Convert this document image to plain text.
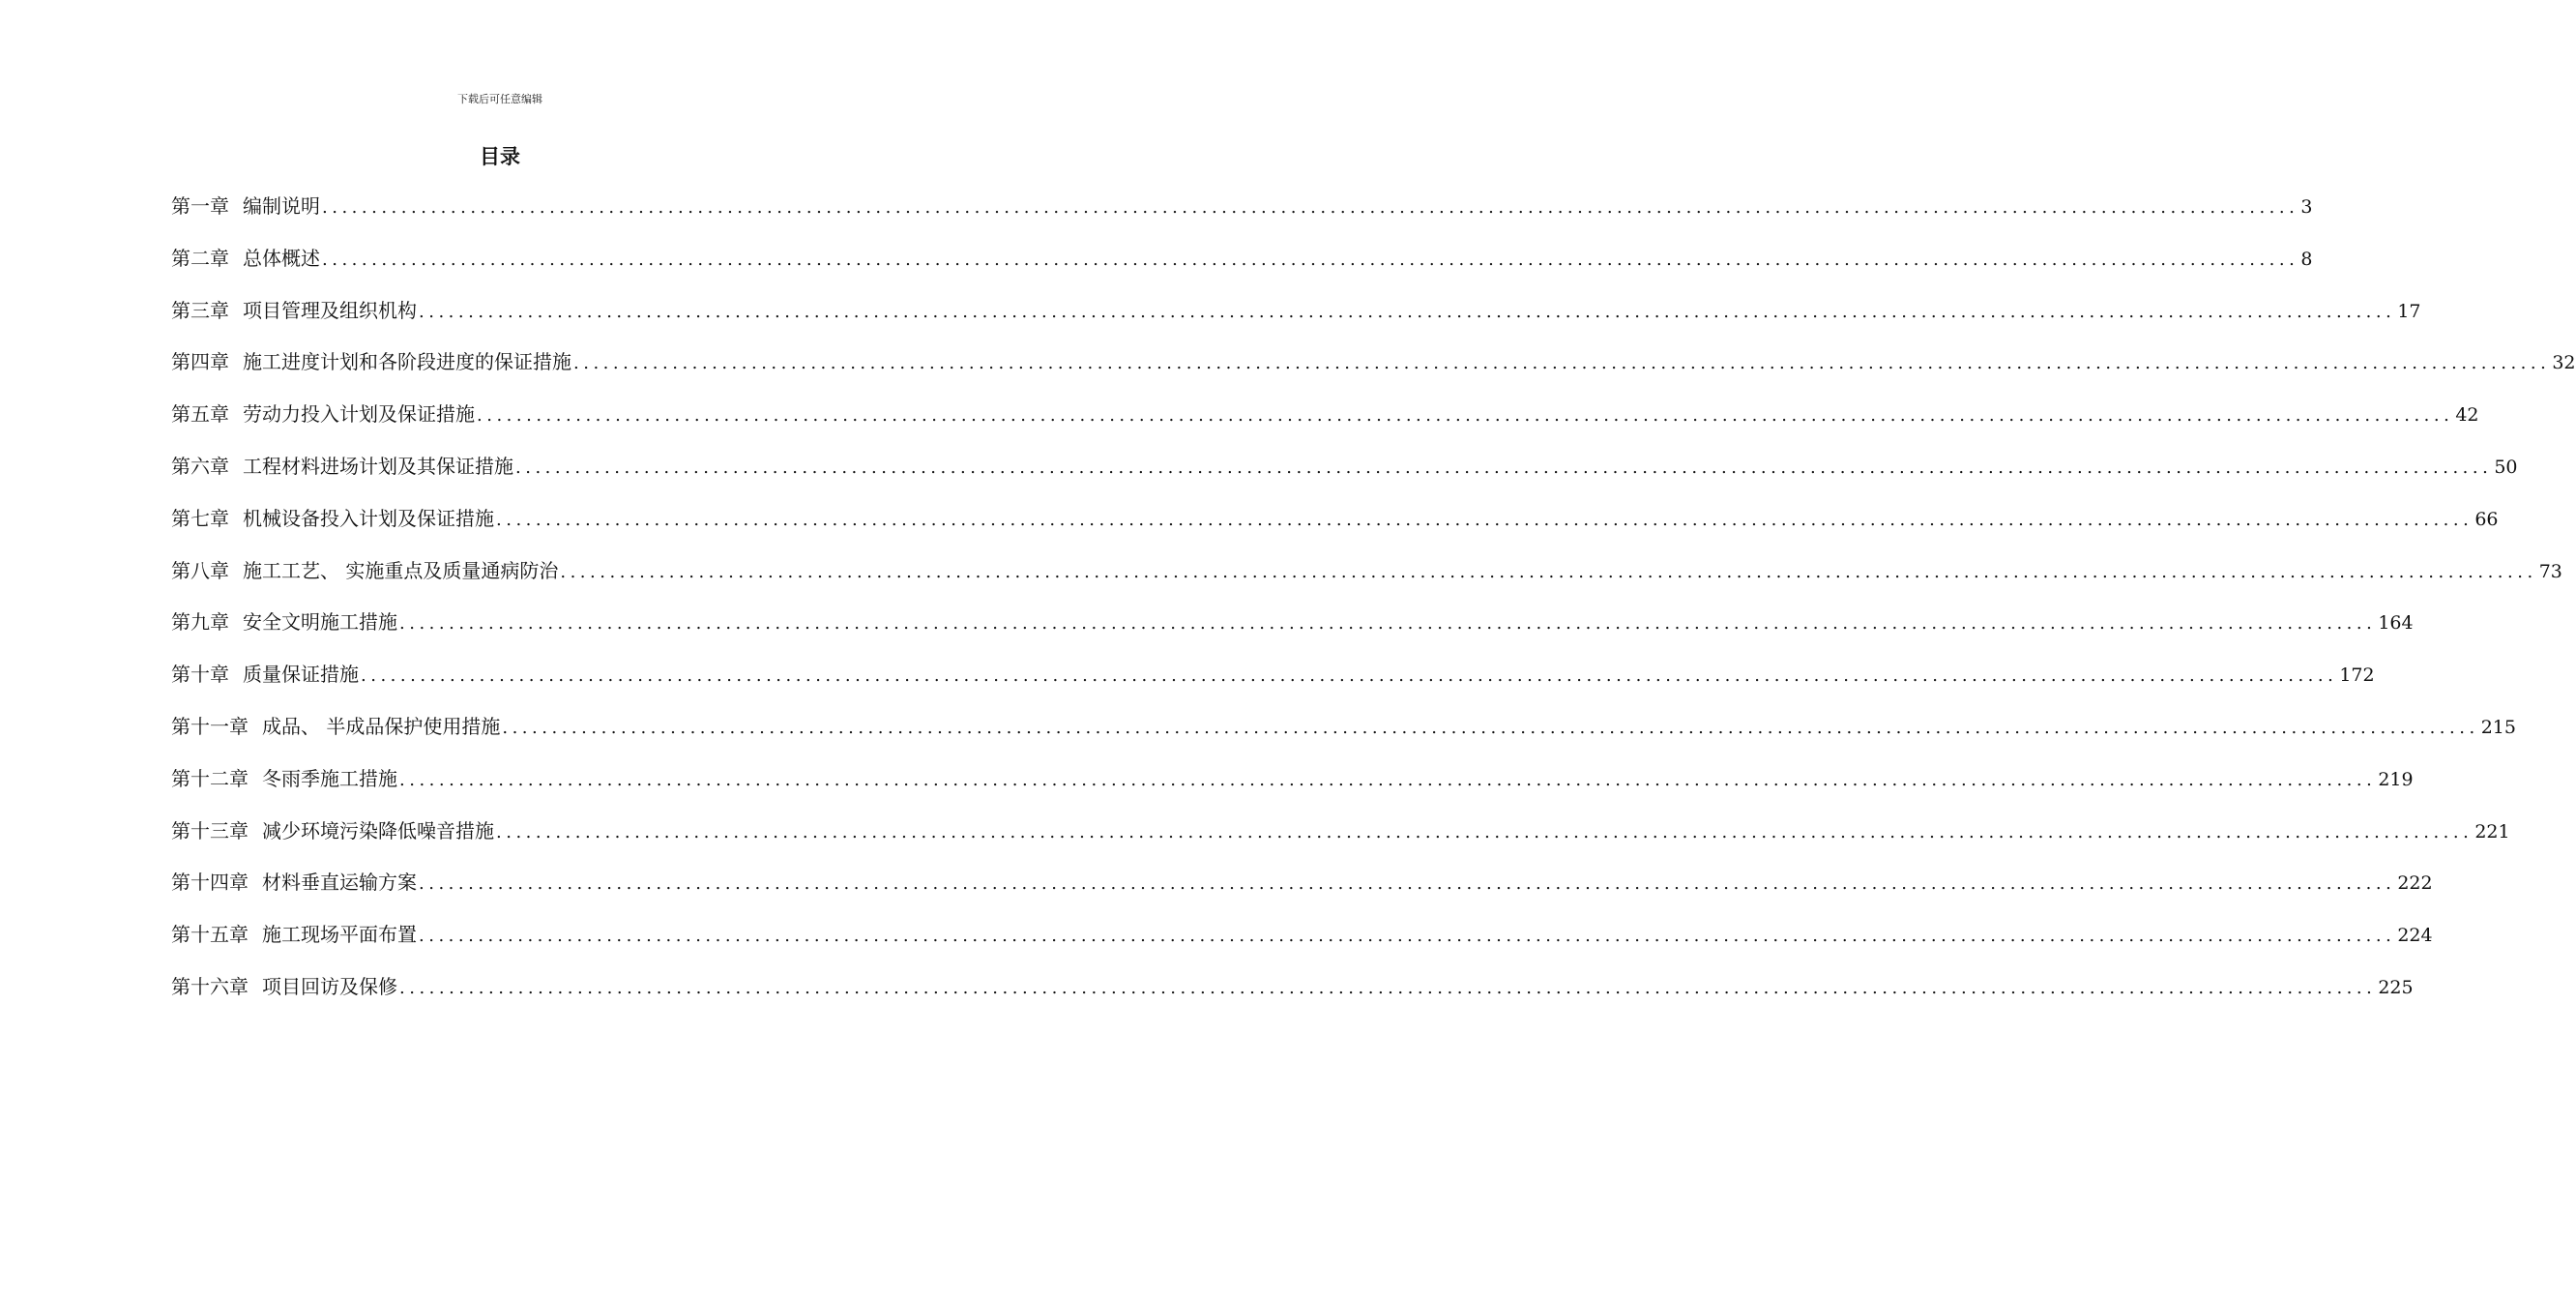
下载后可任意编辑
目录
第一章 编制说明 ........................................................................................................................................................................................................ 3
第二章 总体概述 ........................................................................................................................................................................................................ 8
第三章 项目管理及组织机构 ........................................................................................................................................................................................................ 17
第四章 施工进度计划和各阶段进度的保证措施 ........................................................................................................................................................................................................ 32
第五章 劳动力投入计划及保证措施 ........................................................................................................................................................................................................ 42
第六章 工程材料进场计划及其保证措施 ........................................................................................................................................................................................................ 50
第七章 机械设备投入计划及保证措施 ........................................................................................................................................................................................................ 66
第八章 施工工艺、 实施重点及质量通病防治 ........................................................................................................................................................................................................ 73
第九章 安全文明施工措施 ........................................................................................................................................................................................................ 164
第十章 质量保证措施 ........................................................................................................................................................................................................ 172
第十一章 成品、 半成品保护使用措施 ........................................................................................................................................................................................................ 215
第十二章 冬雨季施工措施 ........................................................................................................................................................................................................ 219
第十三章 减少环境污染降低噪音措施 ........................................................................................................................................................................................................ 221
第十四章 材料垂直运输方案 ........................................................................................................................................................................................................ 222
第十五章 施工现场平面布置 ........................................................................................................................................................................................................ 224
第十六章 项目回访及保修 ........................................................................................................................................................................................................ 225
